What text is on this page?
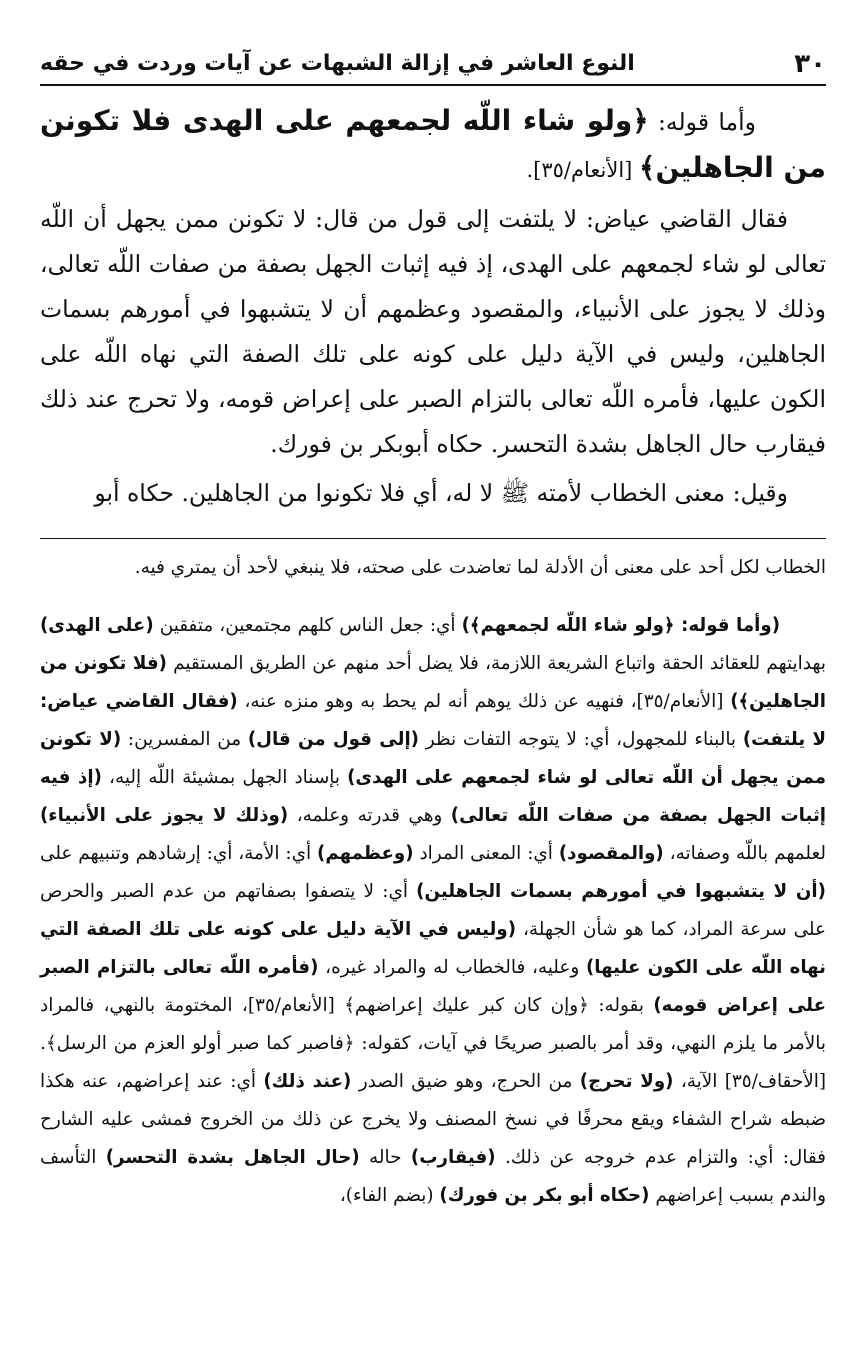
٣٠
النوع العاشر في إزالة الشبهات عن آيات وردت في حقه

وأما قوله: ﴿ولو شاء اللّه لجمعهم على الهدى فلا تكونن من الجاهلين﴾ [الأنعام/٣٥].

فقال القاضي عياض: لا يلتفت إلى قول من قال: لا تكونن ممن يجهل أن اللّه تعالى لو شاء لجمعهم على الهدى، إذ فيه إثبات الجهل بصفة من صفات اللّه تعالى، وذلك لا يجوز على الأنبياء، والمقصود وعظمهم أن لا يتشبهوا في أمورهم بسمات الجاهلين، وليس في الآية دليل على كونه على تلك الصفة التي نهاه اللّه على الكون عليها، فأمره اللّه تعالى بالتزام الصبر على إعراض قومه، ولا تحرج عند ذلك فيقارب حال الجاهل بشدة التحسر. حكاه أبوبكر بن فورك.

وقيل: معنى الخطاب لأمته ﷺ لا له، أي فلا تكونوا من الجاهلين. حكاه أبو

الخطاب لكل أحد على معنى أن الأدلة لما تعاضدت على صحته، فلا ينبغي لأحد أن يمتري فيه.

(وأما قوله: ﴿ولو شاء اللّه لجمعهم﴾) أي: جعل الناس كلهم مجتمعين، متفقين (على الهدى) بهدايتهم للعقائد الحقة واتباع الشريعة اللازمة، فلا يضل أحد منهم عن الطريق المستقيم (فلا تكونن من الجاهلين﴾) [الأنعام/٣٥]، فنهيه عن ذلك يوهم أنه لم يحط به وهو منزه عنه، (فقال القاضي عياض: لا يلتفت) بالبناء للمجهول، أي: لا يتوجه التفات نظر (إلى قول من قال) من المفسرين: (لا تكونن ممن يجهل أن اللّه تعالى لو شاء لجمعهم على الهدى) بإسناد الجهل بمشيئة اللّه إليه، (إذ فيه إثبات الجهل بصفة من صفات اللّه تعالى) وهي قدرته وعلمه، (وذلك لا يجوز على الأنبياء) لعلمهم باللّه وصفاته، (والمقصود) أي: المعنى المراد (وعظمهم) أي: الأمة، أي: إرشادهم وتنبيهم على (أن لا يتشبهوا في أمورهم بسمات الجاهلين) أي: لا يتصفوا بصفاتهم من عدم الصبر والحرص على سرعة المراد، كما هو شأن الجهلة، (وليس في الآية دليل على كونه على تلك الصفة التي نهاه اللّه على الكون عليها) وعليه، فالخطاب له والمراد غيره، (فأمره اللّه تعالى بالتزام الصبر على إعراض قومه) بقوله: ﴿وإن كان كبر عليك إعراضهم﴾ [الأنعام/٣٥]، المختومة بالنهي، فالمراد بالأمر ما يلزم النهي، وقد أمر بالصبر صريحًا في آيات، كقوله: ﴿فاصبر كما صبر أولو العزم من الرسل﴾. [الأحقاف/٣٥] الآية، (ولا تحرج) من الحرج، وهو ضيق الصدر (عند ذلك) أي: عند إعراضهم، عنه هكذا ضبطه شراح الشفاء ويقع محرفًا في نسخ المصنف ولا يخرج عن ذلك من الخروج فمشى عليه الشارح فقال: أي: والتزام عدم خروجه عن ذلك. (فيقارب) حاله (حال الجاهل بشدة التحسر) التأسف والندم بسبب إعراضهم (حكاه أبو بكر بن فورك) (بضم الفاء)،
